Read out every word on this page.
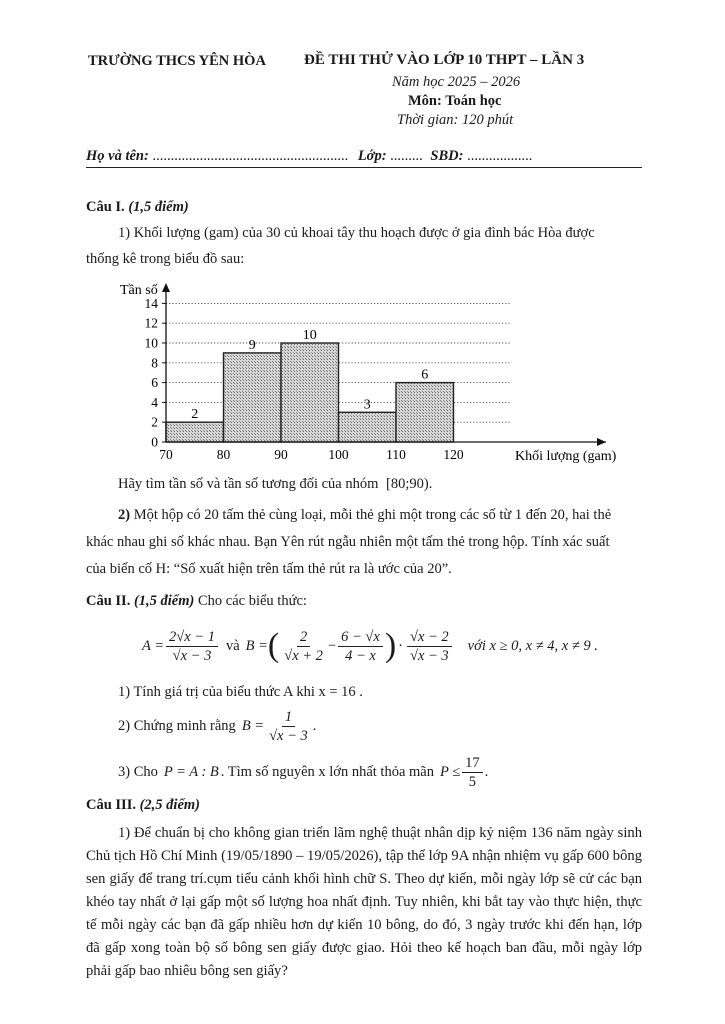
TRƯỜNG THCS YÊN HÒA	ĐỀ THI THỬ VÀO LỚP 10 THPT – LẦN 3
Năm học 2025 – 2026
Môn: Toán học
Thời gian: 120 phút
Họ và tên: ...................................................... Lớp: ......... SBD: ..................
Câu I. (1,5 điểm)
1) Khối lượng (gam) của 30 củ khoai tây thu hoạch được ở gia đình bác Hòa được
thống kê trong biểu đồ sau:
2
9
10
3
6
0
2
4
6
8
10
12
14
70	80	90	100	110	120
Tần số
Khối lượng (gam)
Hãy tìm tần số và tần số tương đối của nhóm [80;90).
2) Một hộp có 20 tấm thẻ cùng loại, mỗi thẻ ghi một trong các số từ 1 đến 20, hai thẻ
khác nhau ghi số khác nhau. Bạn Yên rút ngẫu nhiên một tấm thẻ trong hộp. Tính xác suất
của biến cố H: “Số xuất hiện trên tấm thẻ rút ra là ước của 20”.
Câu II. (1,5 điểm) Cho các biểu thức:
$A = \frac{2√x - 1}{√x - 3}$ và B = ( $\frac{2}{√x + 2} - \frac{6 - √x}{4 - x}$ ) · $\frac{√x - 2}{√x - 3}$ với x ≥ 0, x ≠ 4, x ≠ 9 .
1) Tính giá trị của biểu thức A khi x = 16 .
2) Chứng minh rằng $B = \frac{1}{√x - 3}$ .
3) Cho P = A : B . Tìm số nguyên x lớn nhất thỏa mãn $P \le \frac{17}{5}$ .
Câu III. (2,5 điểm)
1) Để chuẩn bị cho không gian triển lãm nghệ thuật nhân dịp kỷ niệm 136 năm ngày sinh Chủ tịch Hồ Chí Minh (19/05/1890 – 19/05/2026), tập thể lớp 9A nhận nhiệm vụ gấp 600 bông sen giấy để trang trí.cụm tiểu cảnh khối hình chữ S. Theo dự kiến, mỗi ngày lớp sẽ cử các bạn khéo tay nhất ở lại gấp một số lượng hoa nhất định. Tuy nhiên, khi bắt tay vào thực hiện, thực tế mỗi ngày các bạn đã gấp nhiều hơn dự kiến 10 bông, do đó, 3 ngày trước khi đến hạn, lớp đã gấp xong toàn bộ số bông sen giấy được giao. Hỏi theo kế hoạch ban đầu, mỗi ngày lớp phải gấp bao nhiêu bông sen giấy?
